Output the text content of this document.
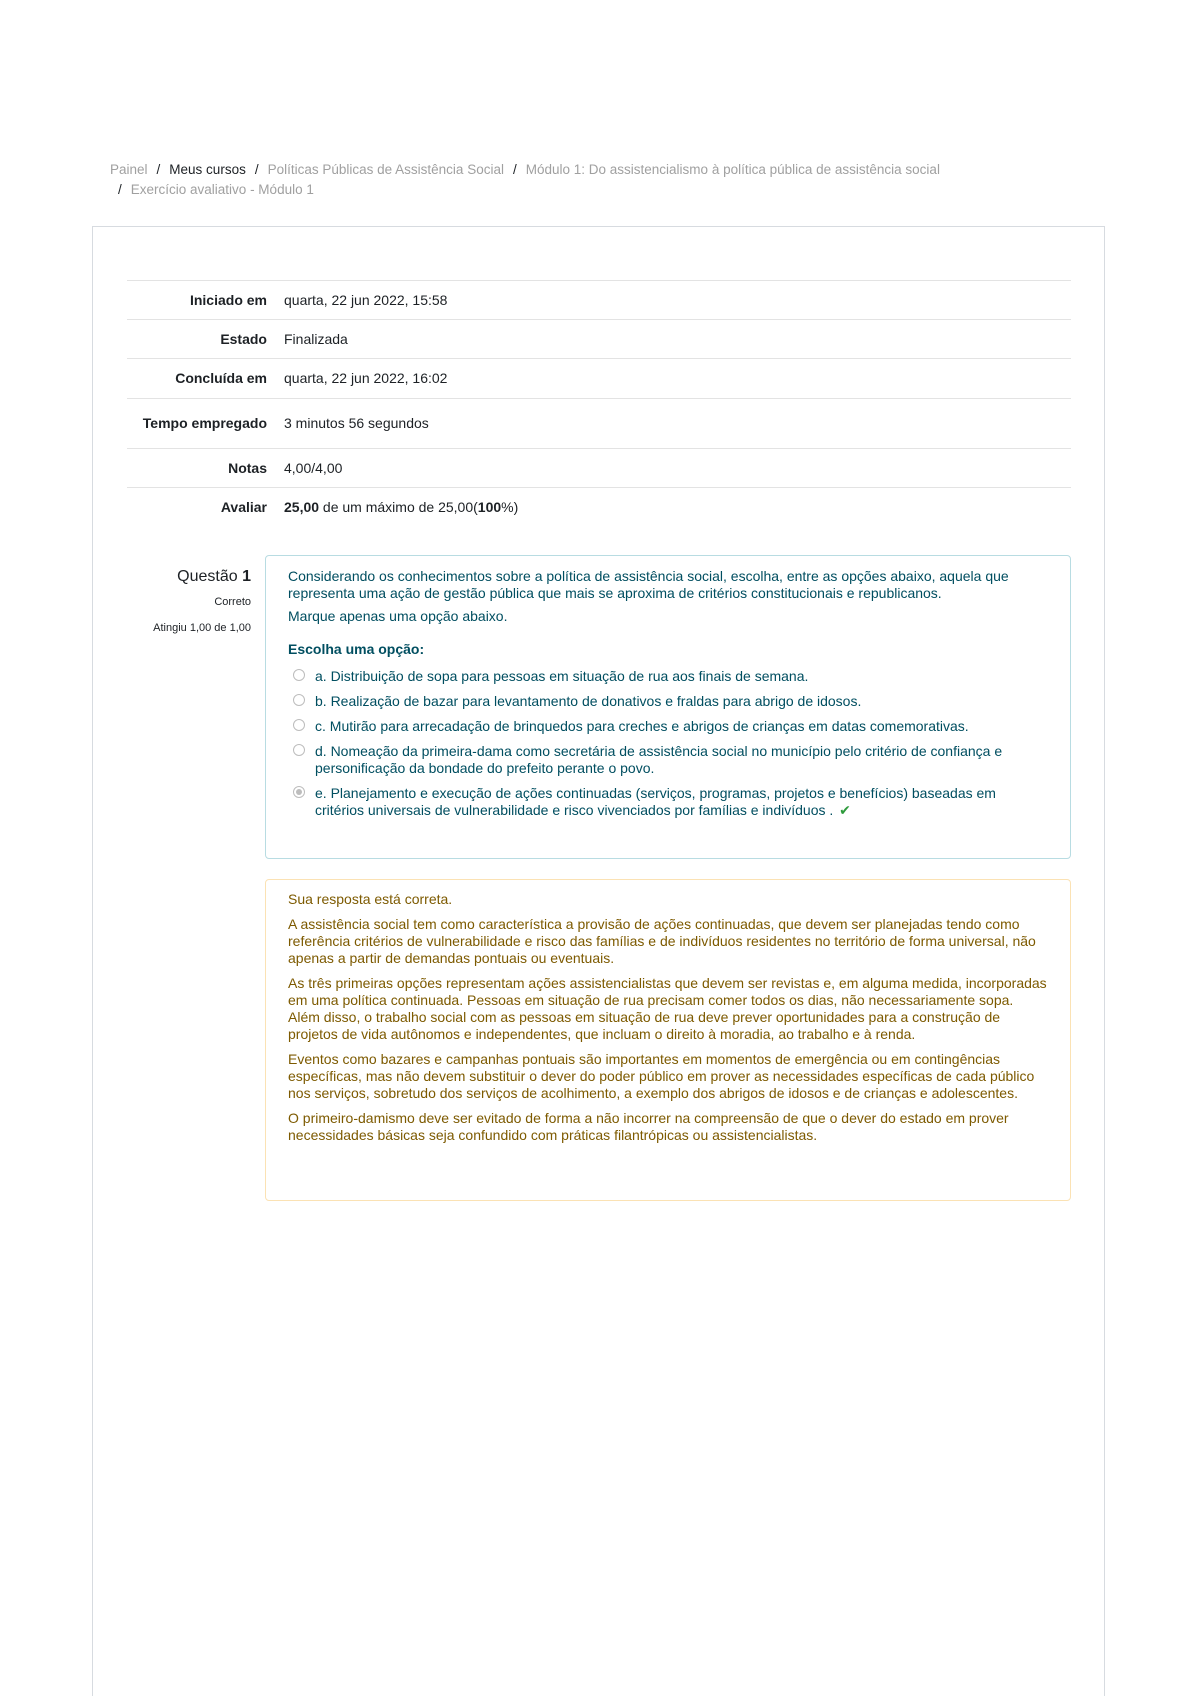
Painel / Meus cursos / Políticas Públicas de Assistência Social / Módulo 1: Do assistencialismo à política pública de assistência social
/ Exercício avaliativo - Módulo 1
Iniciado em	quarta, 22 jun 2022, 15:58
Estado	Finalizada
Concluída em	quarta, 22 jun 2022, 16:02
Tempo empregado	3 minutos 56 segundos
Notas	4,00/4,00
Avaliar	25,00 de um máximo de 25,00(100%)
Questão 1
Correto
Atingiu 1,00 de 1,00

Considerando os conhecimentos sobre a política de assistência social, escolha, entre as opções abaixo, aquela que representa uma ação de gestão pública que mais se aproxima de critérios constitucionais e republicanos.

Marque apenas uma opção abaixo.

Escolha uma opção:

a. Distribuição de sopa para pessoas em situação de rua aos finais de semana.
b. Realização de bazar para levantamento de donativos e fraldas para abrigo de idosos.
c. Mutirão para arrecadação de brinquedos para creches e abrigos de crianças em datas comemorativas.
d. Nomeação da primeira-dama como secretária de assistência social no município pelo critério de confiança e personificação da bondade do prefeito perante o povo.
e. Planejamento e execução de ações continuadas (serviços, programas, projetos e benefícios) baseadas em critérios universais de vulnerabilidade e risco vivenciados por famílias e indivíduos . ✔

Sua resposta está correta.

A assistência social tem como característica a provisão de ações continuadas, que devem ser planejadas tendo como referência critérios de vulnerabilidade e risco das famílias e de indivíduos residentes no território de forma universal, não apenas a partir de demandas pontuais ou eventuais.

As três primeiras opções representam ações assistencialistas que devem ser revistas e, em alguma medida, incorporadas em uma política continuada. Pessoas em situação de rua precisam comer todos os dias, não necessariamente sopa. Além disso, o trabalho social com as pessoas em situação de rua deve prever oportunidades para a construção de projetos de vida autônomos e independentes, que incluam o direito à moradia, ao trabalho e à renda.

Eventos como bazares e campanhas pontuais são importantes em momentos de emergência ou em contingências específicas, mas não devem substituir o dever do poder público em prover as necessidades específicas de cada público nos serviços, sobretudo dos serviços de acolhimento, a exemplo dos abrigos de idosos e de crianças e adolescentes.

O primeiro-damismo deve ser evitado de forma a não incorrer na compreensão de que o dever do estado em prover necessidades básicas seja confundido com práticas filantrópicas ou assistencialistas.
